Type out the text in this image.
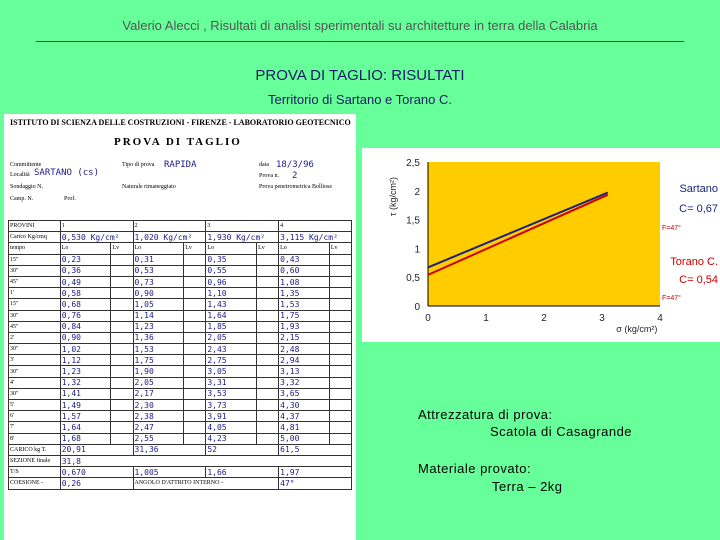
Valerio Alecci , Risultati di analisi sperimentali su architetture in terra della Calabria
PROVA DI TAGLIO: RISULTATI
Territorio di Sartano e Torano C.
ISTITUTO DI SCIENZA DELLE COSTRUZIONI - FIRENZE - LABORATORIO GEOTECNICO
PROVA DI TAGLIO
Committente
Località SARTANO (cs)
Sondaggio N.
Camp. N.	Prof.
Tipo di prova RAPIDA
Naturale rimaneggiato
data 18/3/96
Prova n. 2
Prova penetrometrica Bolliose
PROVINI	1		2		3		4	
Carico Kg/cmq	0,530 Kg/cm²		1,020 Kg/cm²		1,930 Kg/cm²		3,115 Kg/cm²	
tempo	Lo	Lv	Lo	Lv	Lo	Lv	Lo	Lv
15"	0,23		0,31		0,35		0,43	
30"	0,36		0,53		0,55		0,60	
45"	0,49		0,73		0,96		1,08	
1'	0,58		0,90		1,10		1,35	
15"	0,68		1,05		1,43		1,53	
30"	0,76		1,14		1,64		1,75	
45"	0,84		1,23		1,85		1,93	
2'	0,90		1,36		2,05		2,15	
30"	1,02		1,53		2,43		2,48	
3'	1,12		1,75		2,75		2,94	
30"	1,23		1,90		3,05		3,13	
4'	1,32		2,05		3,31		3,32	
30"	1,41		2,17		3,53		3,65	
5'	1,49		2,30		3,73		4,30	
6'	1,57		2,38		3,91		4,37	
7'	1,64		2,47		4,05		4,81	
8'	1,68		2,55		4,23		5,00	
CARICO kg T.	20,91		31,36		52		61,5	
SEZIONE finale	31,8							
T/S	0,670		1,005		1,66		1,97	
COESIONE -	0,26		ANGOLO D'ATTRITO INTERNO -				47°	
0
0,5
1
1,5
2
2,5
0	1	2	3	4
σ (kg/cm²)
τ (kg/cm²)	Sartano
C= 0,67
F=47°
Torano C.
C= 0,54
F=47°
Attrezzatura di prova:
Scatola di Casagrande
Materiale provato:
Terra – 2kg
